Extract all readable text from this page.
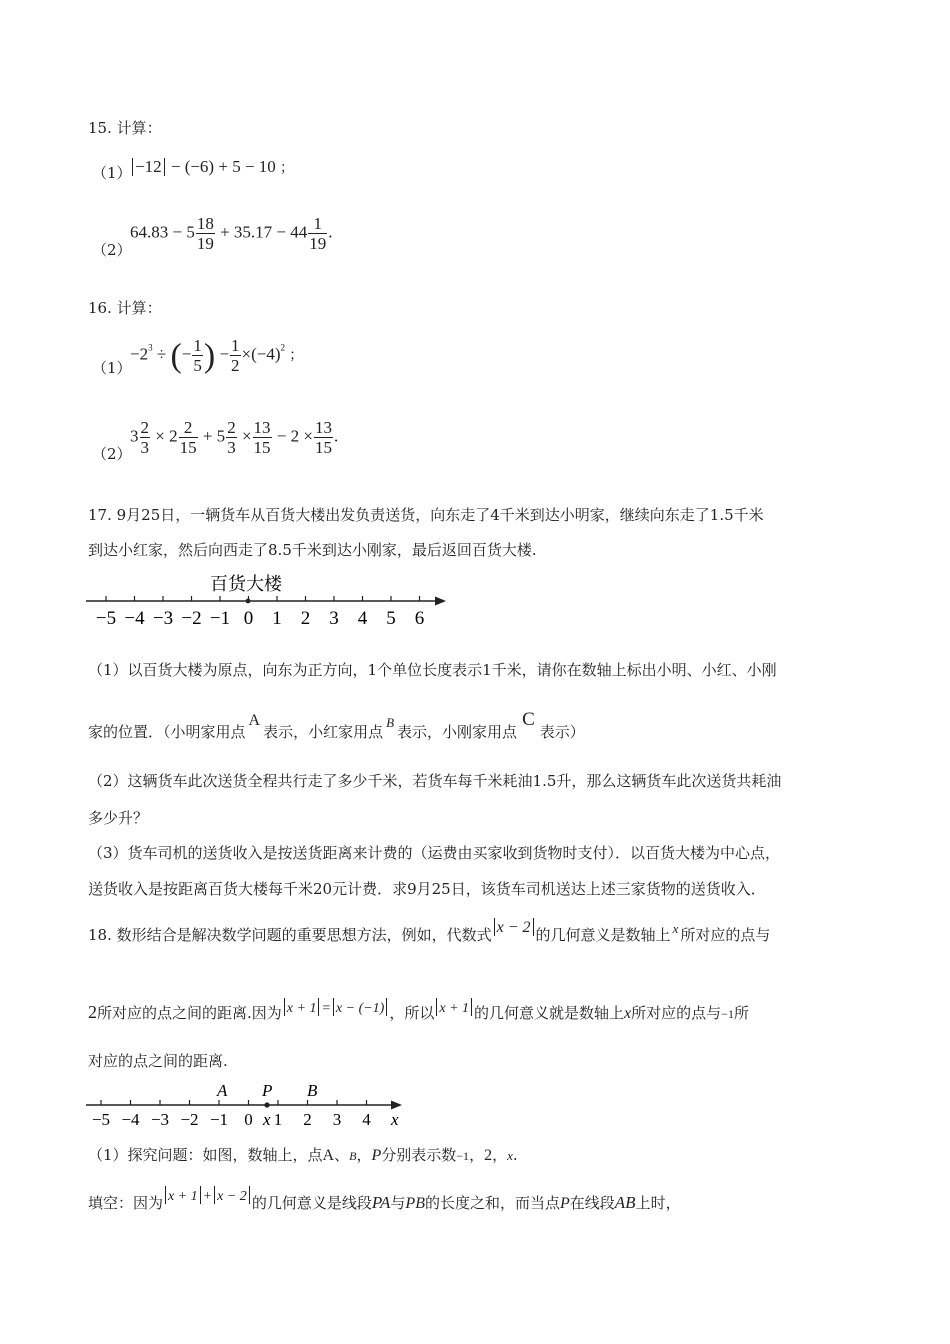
15. 计算：
（1） −12 − (−6) + 5 − 10 ；
（2）
$64.83 - 5 \frac{18}{19} + 35.17 - 44 \frac{1}{19}$ .
16. 计算：
（1）
$-2^3$ ÷ (− $\frac{1}{5}$ ) − $\frac{1}{2} \times(-4)^2$ ；
（2）
$3 \frac{2}{3} \times 2 \frac{2}{15} + 5 \frac{2}{3} \times \frac{13}{15} - 2 \times \frac{13}{15}$ .
17. 9月25日，一辆货车从百货大楼出发负责送货，向东走了4千米到达小明家，继续向东走了1.5千米
到达小红家，然后向西走了8.5千米到达小刚家，最后返回百货大楼.
百货大楼
−5 −4 −3 −2 −1 0 1 2 3 4 5 6
（1）以百货大楼为原点，向东为正方向，1个单位长度表示1千米，请你在数轴上标出小明、小红、小刚
家的位置．（小明家用点A表示，小红家用点B表示，小刚家用点C表示）
（2）这辆货车此次送货全程共行走了多少千米，若货车每千米耗油1.5升，那么这辆货车此次送货共耗油
多少升？
（3）货车司机的送货收入是按送货距离来计费的（运费由买家收到货物时支付）．以百货大楼为中心点，
送货收入是按距离百货大楼每千米20元计费．求9月25日，该货车司机送达上述三家货物的送货收入．
18. 数形结合是解决数学问题的重要思想方法，例如，代数式 x − 2 的几何意义是数轴上 x 所对应的点与
2所对应的点之间的距离.因为 x + 1 = x − (−1) ，所以 x + 1 的几何意义就是数轴上x所对应的点与−1所
对应的点之间的距离.
A P B
x	x
−5 −4 −3 −2 −1 0 1 2 3 4
（1）探究问题：如图，数轴上，点A、B，P分别表示数−1，2，x.
填空：因为 x + 1 + x − 2 的几何意义是线段PA与PB的长度之和，而当点P在线段AB上时，
